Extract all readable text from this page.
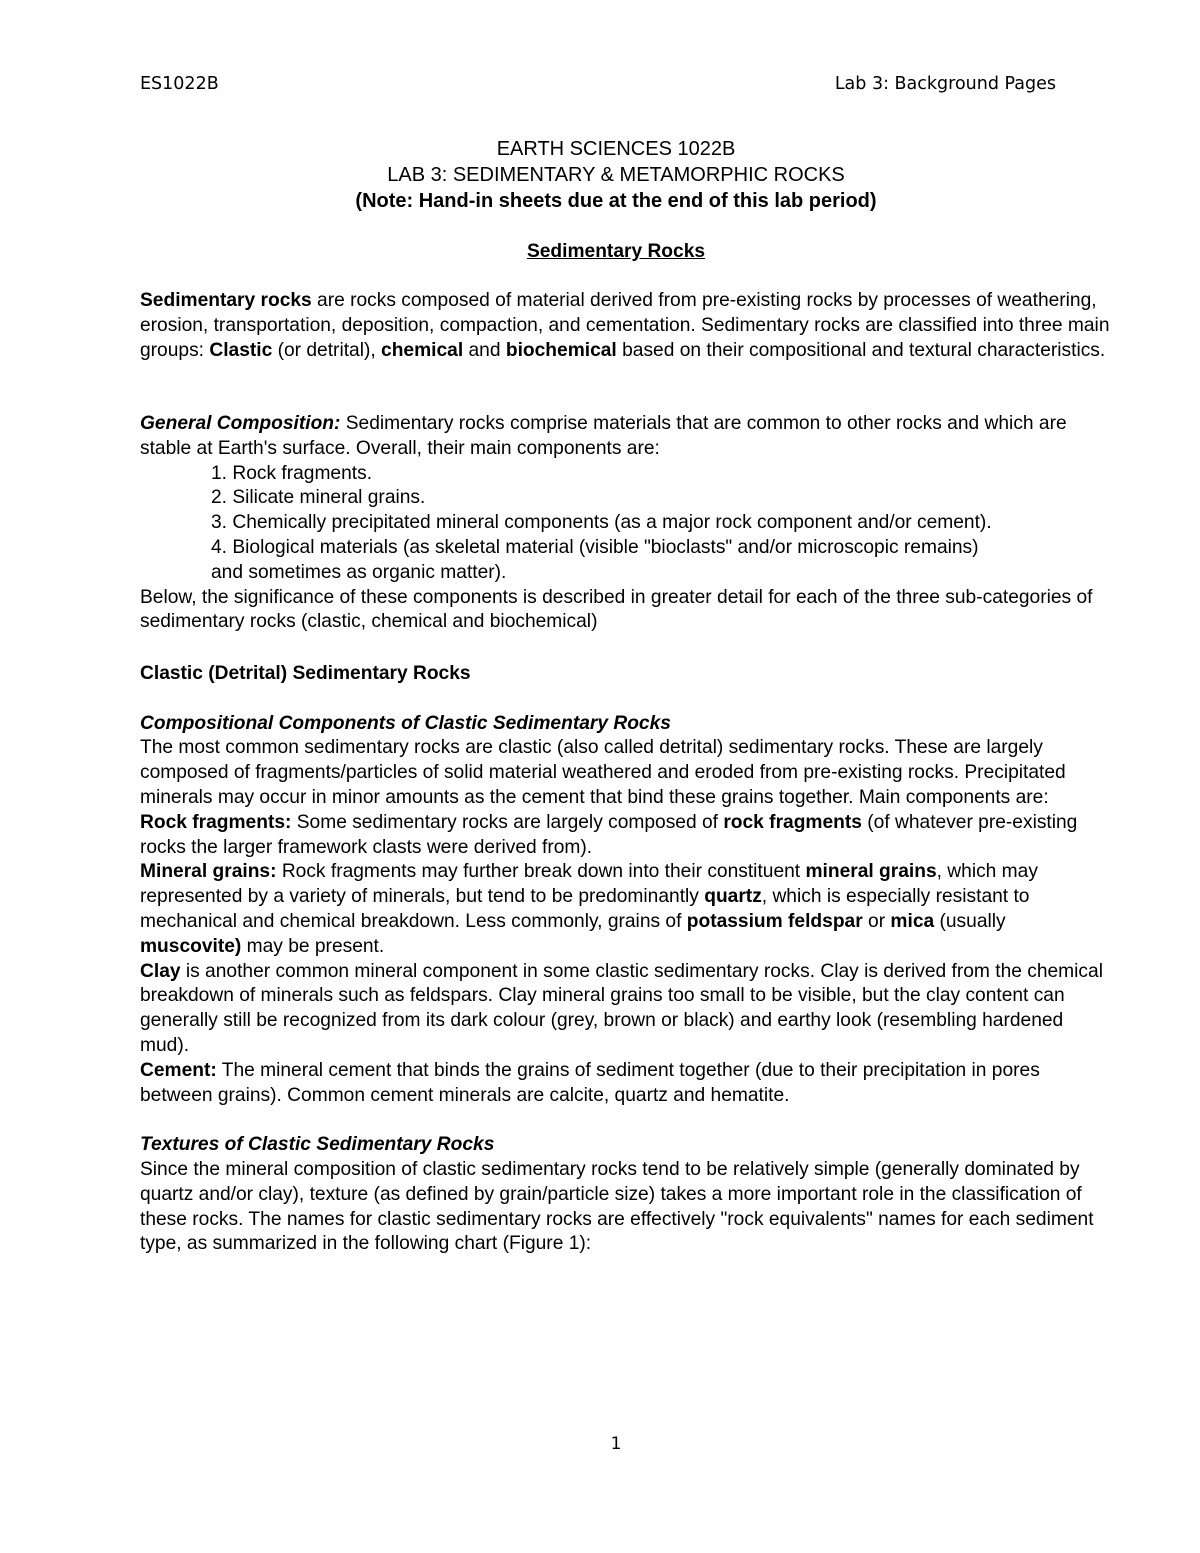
ES1022B	Lab 3: Background Pages
EARTH SCIENCES 1022B
LAB 3: SEDIMENTARY & METAMORPHIC ROCKS
(Note: Hand-in sheets due at the end of this lab period)
Sedimentary Rocks

Sedimentary rocks are rocks composed of material derived from pre-existing rocks by processes of weathering, erosion, transportation, deposition, compaction, and cementation. Sedimentary rocks are classified into three main groups: Clastic (or detrital), chemical and biochemical based on their compositional and textural characteristics.

General Composition: Sedimentary rocks comprise materials that are common to other rocks and which are stable at Earth's surface. Overall, their main components are:

1. Rock fragments.
2. Silicate mineral grains.
3. Chemically precipitated mineral components (as a major rock component and/or cement).
4. Biological materials (as skeletal material (visible "bioclasts" and/or microscopic remains)
and sometimes as organic matter).

Below, the significance of these components is described in greater detail for each of the three sub-categories of sedimentary rocks (clastic, chemical and biochemical)

Clastic (Detrital) Sedimentary Rocks

Compositional Components of Clastic Sedimentary Rocks

The most common sedimentary rocks are clastic (also called detrital) sedimentary rocks. These are largely composed of fragments/particles of solid material weathered and eroded from pre-existing rocks. Precipitated minerals may occur in minor amounts as the cement that bind these grains together. Main components are:

Rock fragments: Some sedimentary rocks are largely composed of rock fragments (of whatever pre-existing rocks the larger framework clasts were derived from).

Mineral grains: Rock fragments may further break down into their constituent mineral grains, which may represented by a variety of minerals, but tend to be predominantly quartz, which is especially resistant to mechanical and chemical breakdown. Less commonly, grains of potassium feldspar or mica (usually muscovite) may be present.

Clay is another common mineral component in some clastic sedimentary rocks. Clay is derived from the chemical breakdown of minerals such as feldspars. Clay mineral grains too small to be visible, but the clay content can generally still be recognized from its dark colour (grey, brown or black) and earthy look (resembling hardened mud).

Cement: The mineral cement that binds the grains of sediment together (due to their precipitation in pores between grains). Common cement minerals are calcite, quartz and hematite.

Textures of Clastic Sedimentary Rocks

Since the mineral composition of clastic sedimentary rocks tend to be relatively simple (generally dominated by quartz and/or clay), texture (as defined by grain/particle size) takes a more important role in the classification of these rocks. The names for clastic sedimentary rocks are effectively "rock equivalents" names for each sediment type, as summarized in the following chart (Figure 1):

1
